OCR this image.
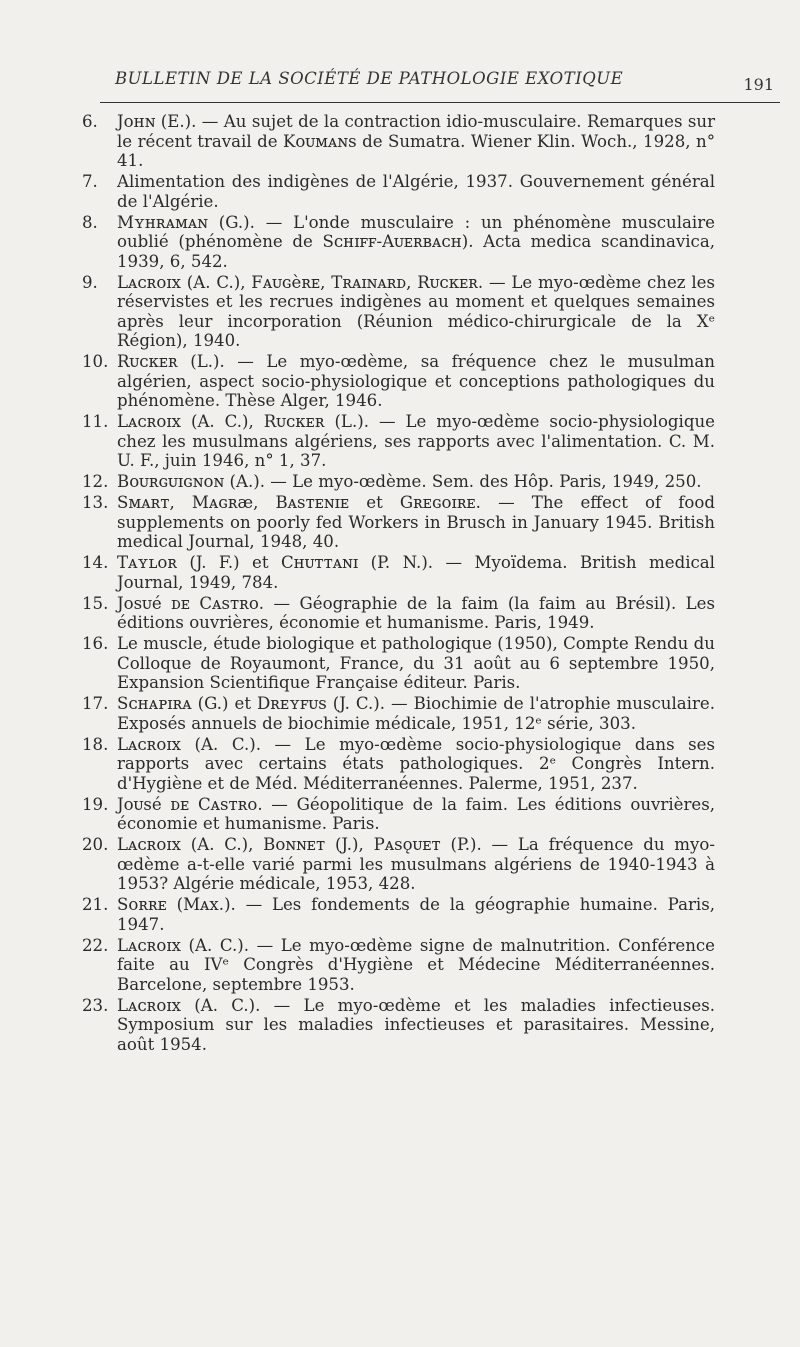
BULLETIN DE LA SOCIÉTÉ DE PATHOLOGIE EXOTIQUE	191
6. Jᴏʜɴ (E.). — Au sujet de la contraction idio-musculaire. Remarques sur le récent travail de Kᴏᴜᴍᴀɴs de Sumatra. Wiener Klin. Woch., 1928, n° 41.
7. Alimentation des indigènes de l'Algérie, 1937. Gouvernement général de l'Algérie.
8. Mʏʜʀᴀᴍᴀɴ (G.). — L'onde musculaire : un phénomène musculaire oublié (phénomène de Sᴄʜɪꜰꜰ-Aᴜᴇʀʙᴀᴄʜ). Acta medica scandinavica, 1939, 6, 542.
9. Lᴀᴄʀᴏɪx (A. C.), Fᴀᴜɢèʀᴇ, Tʀᴀɪɴᴀʀᴅ, Rᴜᴄᴋᴇʀ. — Le myo-œdème chez les réservistes et les recrues indigènes au moment et quelques semaines après leur incorporation (Réunion médico-chirurgicale de la Xᵉ Région), 1940.
10. Rᴜᴄᴋᴇʀ (L.). — Le myo-œdème, sa fréquence chez le musulman algérien, aspect socio-physiologique et conceptions pathologiques du phénomène. Thèse Alger, 1946.
11. Lᴀᴄʀᴏɪx (A. C.), Rᴜᴄᴋᴇʀ (L.). — Le myo-œdème socio-physiologique chez les musulmans algériens, ses rapports avec l'alimentation. C. M. U. F., juin 1946, n° 1, 37.
12. Bᴏᴜʀɢᴜɪɢɴᴏɴ (A.). — Le myo-œdème. Sem. des Hôp. Paris, 1949, 250.
13. Sᴍᴀʀᴛ, Mᴀɢʀæ, Bᴀsᴛᴇɴɪᴇ et Gʀᴇɢᴏɪʀᴇ. — The effect of food supplements on poorly fed Workers in Brusch in January 1945. British medical Journal, 1948, 40.
14. Tᴀʏʟᴏʀ (J. F.) et Cʜᴜᴛᴛᴀɴɪ (P. N.). — Myoïdema. British medical Journal, 1949, 784.
15. Jᴏsᴜé ᴅᴇ Cᴀsᴛʀᴏ. — Géographie de la faim (la faim au Brésil). Les éditions ouvrières, économie et humanisme. Paris, 1949.
16. Le muscle, étude biologique et pathologique (1950), Compte Rendu du Colloque de Royaumont, France, du 31 août au 6 septembre 1950, Expansion Scientifique Française éditeur. Paris.
17. Sᴄʜᴀᴘɪʀᴀ (G.) et Dʀᴇʏꜰᴜs (J. C.). — Biochimie de l'atrophie musculaire. Exposés annuels de biochimie médicale, 1951, 12ᵉ série, 303.
18. Lᴀᴄʀᴏɪx (A. C.). — Le myo-œdème socio-physiologique dans ses rapports avec certains états pathologiques. 2ᵉ Congrès Intern. d'Hygiène et de Méd. Méditerranéennes. Palerme, 1951, 237.
19. Jᴏᴜsé ᴅᴇ Cᴀsᴛʀᴏ. — Géopolitique de la faim. Les éditions ouvrières, économie et humanisme. Paris.
20. Lᴀᴄʀᴏɪx (A. C.), Bᴏɴɴᴇᴛ (J.), Pᴀsǫᴜᴇᴛ (P.). — La fréquence du myo-œdème a-t-elle varié parmi les musulmans algériens de 1940-1943 à 1953? Algérie médicale, 1953, 428.
21. Sᴏʀʀᴇ (Mᴀx.). — Les fondements de la géographie humaine. Paris, 1947.
22. Lᴀᴄʀᴏɪx (A. C.). — Le myo-œdème signe de malnutrition. Conférence faite au IVᵉ Congrès d'Hygiène et Médecine Méditerranéennes. Barcelone, septembre 1953.
23. Lᴀᴄʀᴏɪx (A. C.). — Le myo-œdème et les maladies infectieuses. Symposium sur les maladies infectieuses et parasitaires. Messine, août 1954.
